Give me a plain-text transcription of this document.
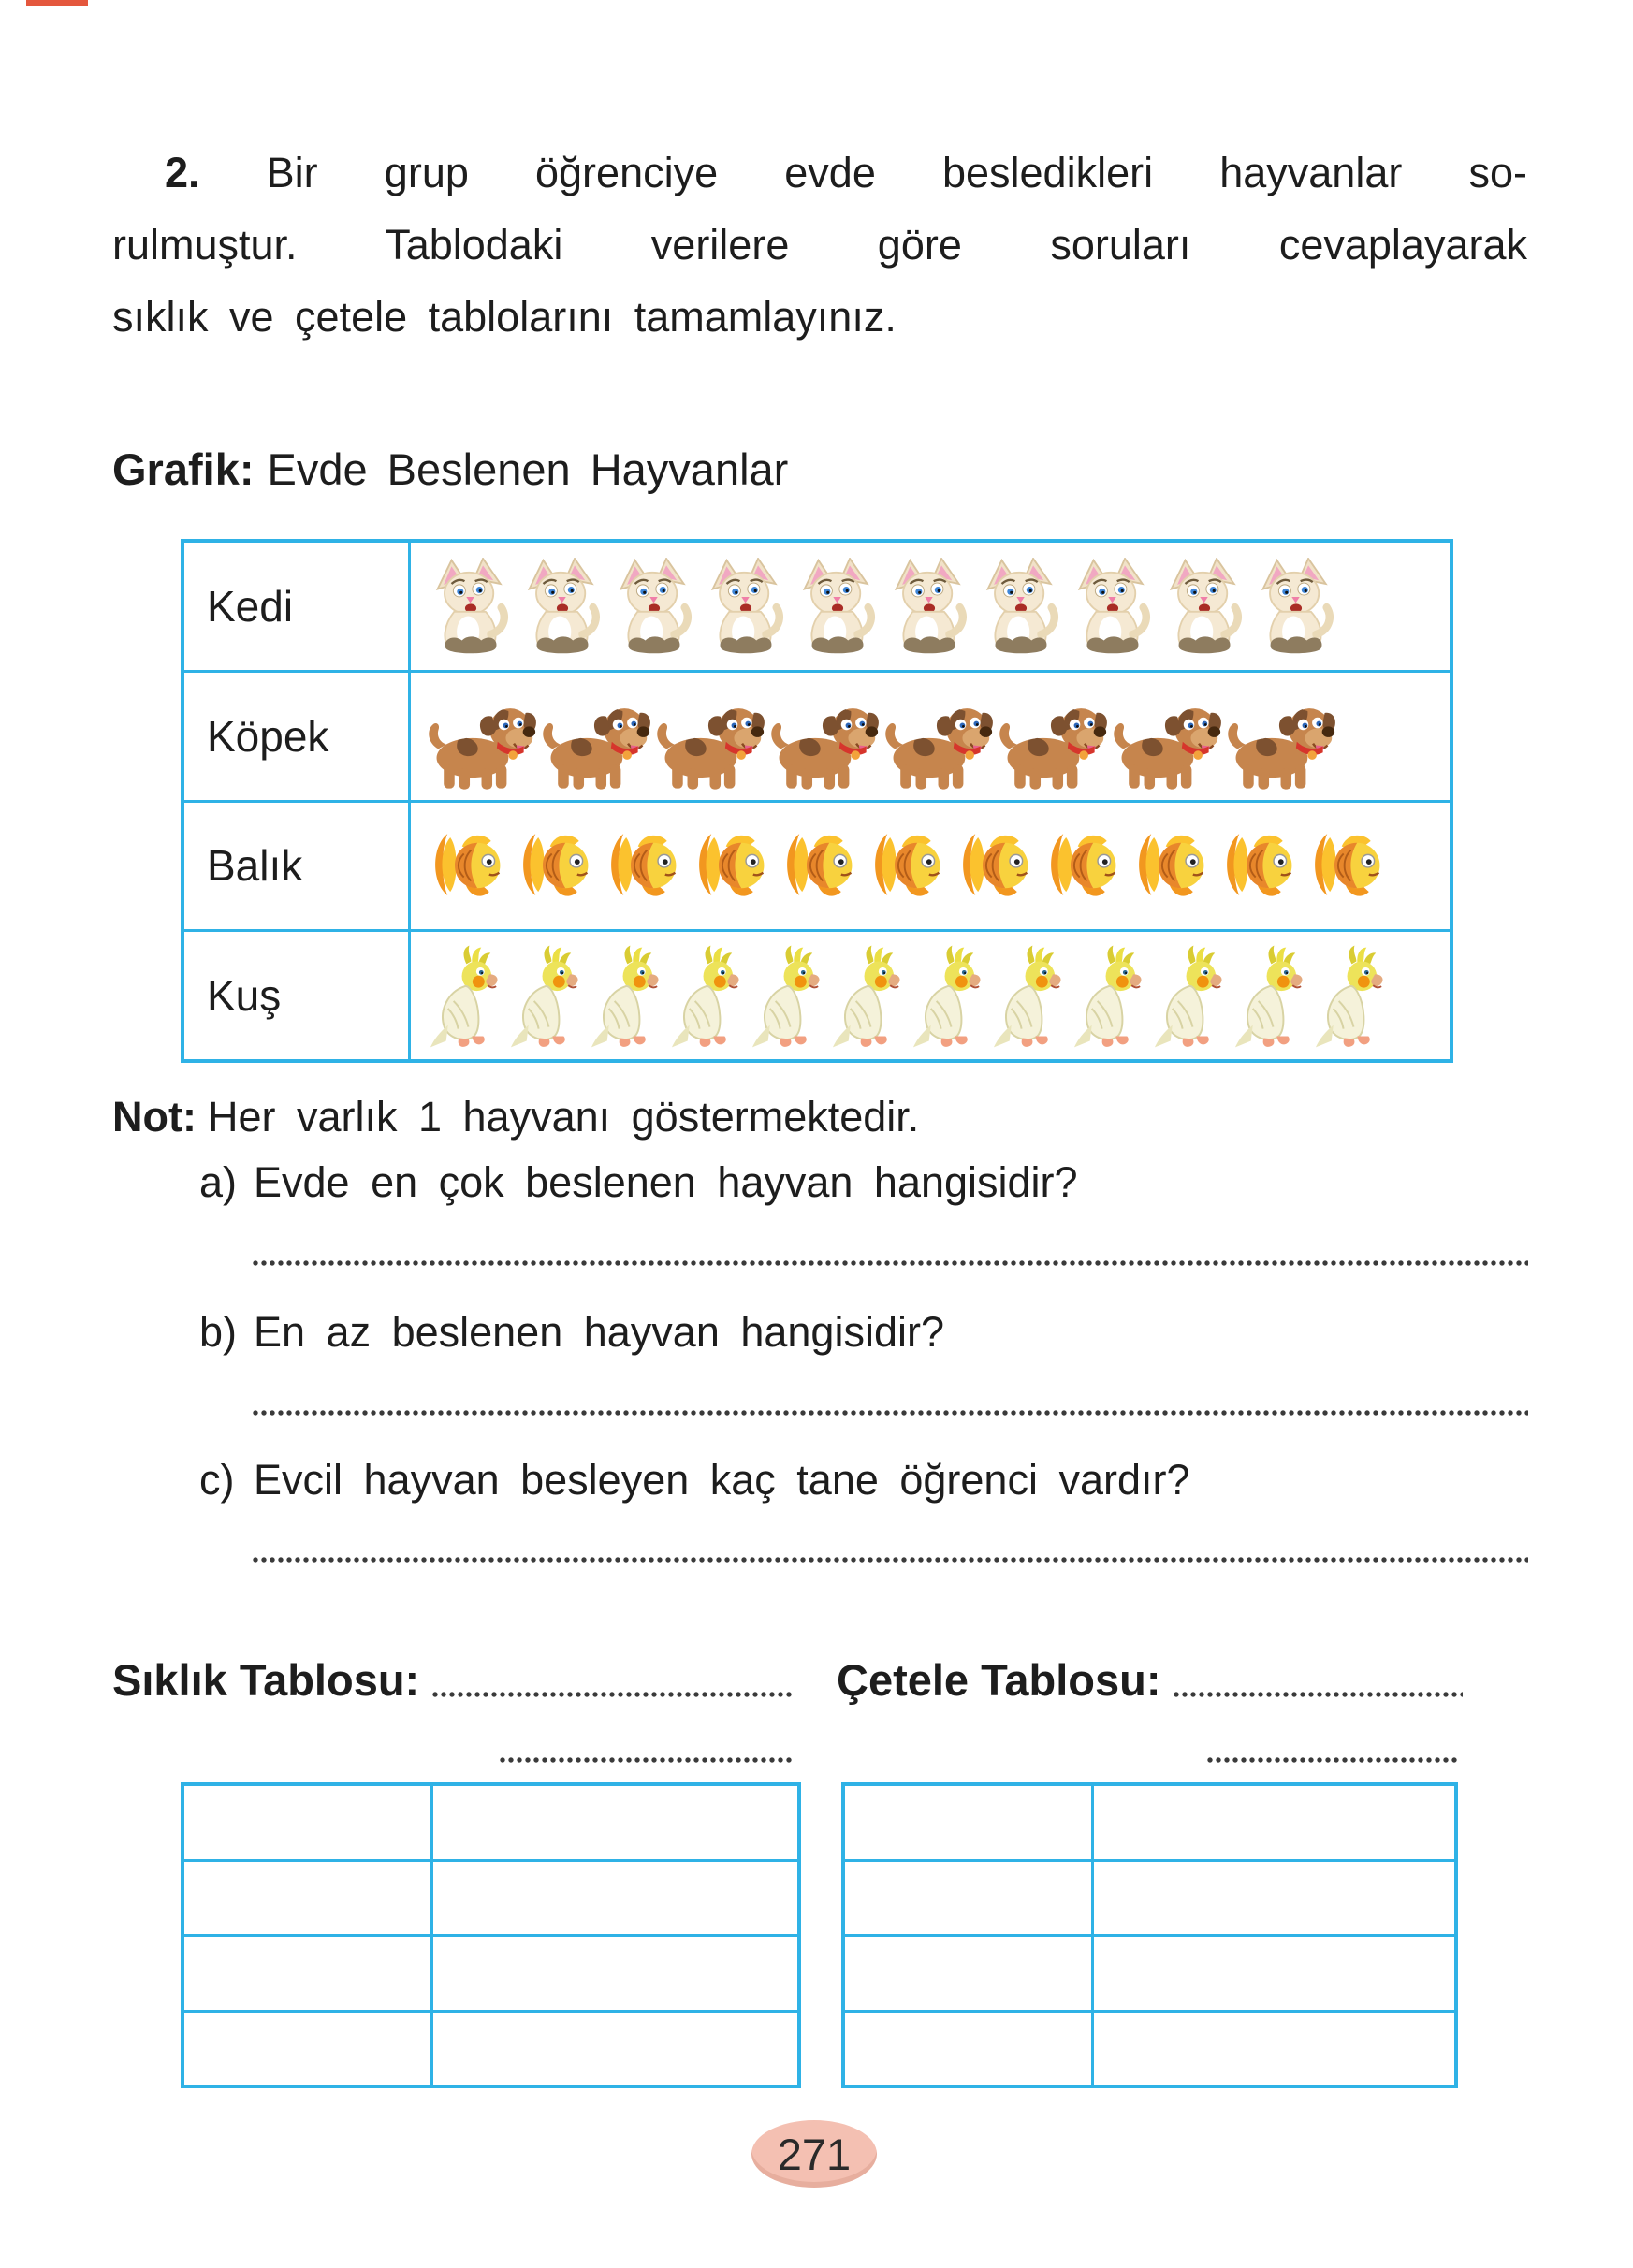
2. Bir grup öğrenciye evde besledikleri hayvanlar so-
rulmuştur. Tablodaki verilere göre soruları cevaplayarak
sıklık ve çetele tablolarını tamamlayınız.
Grafik: Evde Beslenen Hayvanlar
Kedi
Köpek
Balık
Kuş
Not: Her varlık 1 hayvanı göstermektedir.
a) Evde en çok beslenen hayvan hangisidir?
b) En az beslenen hayvan hangisidir?
c) Evcil hayvan besleyen kaç tane öğrenci vardır?
Sıklık Tablosu:	Çetele Tablosu:
271
